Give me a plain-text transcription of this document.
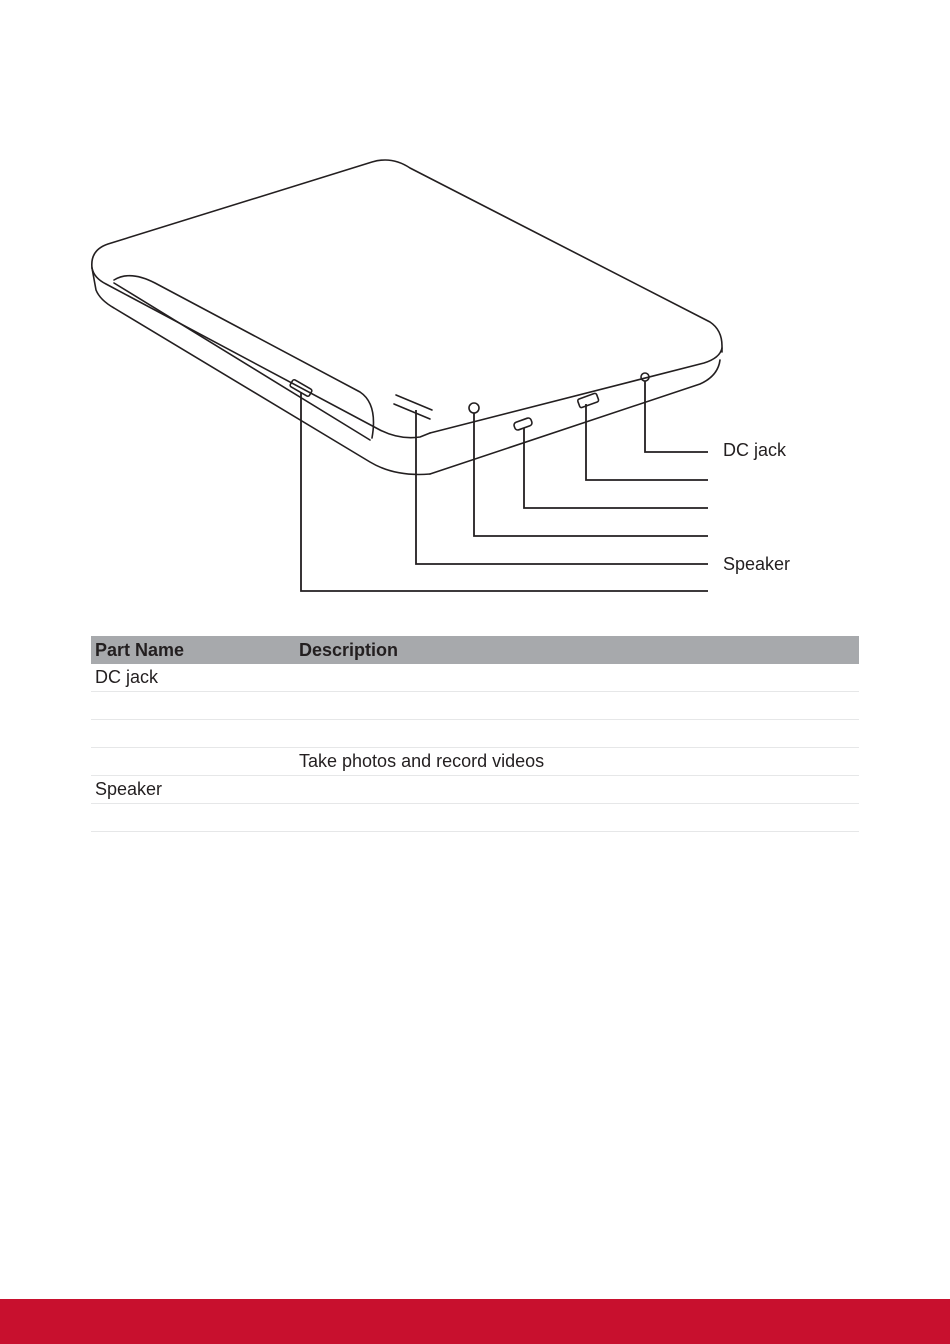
DC jack
Speaker
Part Name	Description
DC jack	

	Take photos and record videos
Speaker	
